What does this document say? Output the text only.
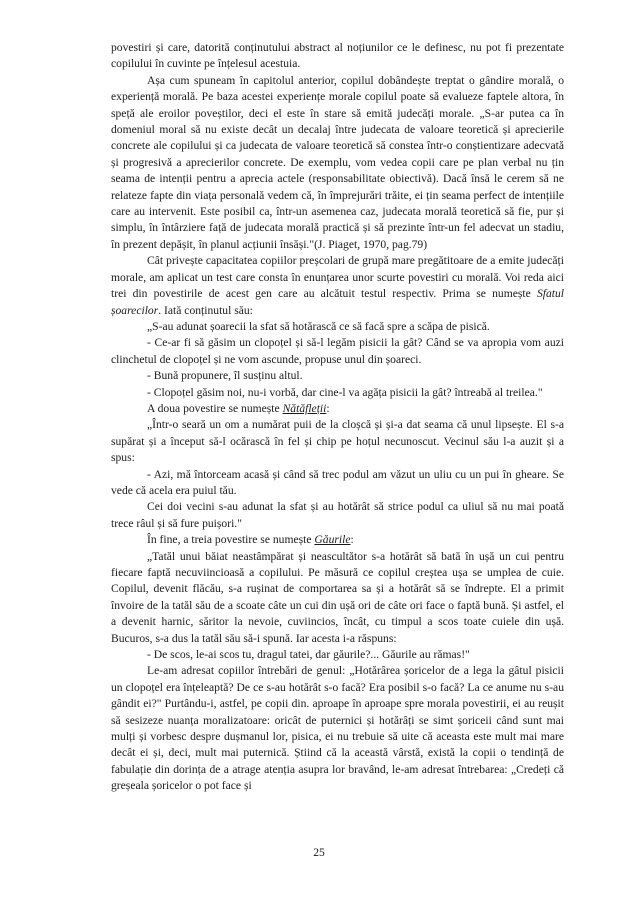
povestiri și care, datorită conținutului abstract al noțiunilor ce le definesc, nu pot fi prezentate copilului în cuvinte pe înțelesul acestuia.

Așa cum spuneam în capitolul anterior, copilul dobândește treptat o gândire morală, o experiență morală. Pe baza acestei experiențe morale copilul poate să evalueze faptele altora, în speță ale eroilor poveștilor, deci el este în stare să emită judecăți morale. „S-ar putea ca în domeniul moral să nu existe decât un decalaj între judecata de valoare teoretică și aprecierile concrete ale copilului și ca judecata de valoare teoretică să constea într-o conștientizare adecvată și progresivă a aprecierilor concrete. De exemplu, vom vedea copii care pe plan verbal nu țin seama de intenții pentru a aprecia actele (responsabilitate obiectivă). Dacă însă le cerem să ne relateze fapte din viața personală vedem că, în împrejurări trăite, ei țin seama perfect de intențiile care au intervenit. Este posibil ca, într-un asemenea caz, judecata morală teoretică să fie, pur și simplu, în întârziere față de judecata morală practică și să prezinte într-un fel adecvat un stadiu, în prezent depășit, în planul acțiunii însăși."(J. Piaget, 1970, pag.79)

Cât privește capacitatea copiilor preșcolari de grupă mare pregătitoare de a emite judecăți morale, am aplicat un test care consta în enunțarea unor scurte povestiri cu morală. Voi reda aici trei din povestirile de acest gen care au alcătuit testul respectiv. Prima se numește Sfatul șoarecilor. Iată conținutul său:

„S-au adunat șoarecii la sfat să hotărască ce să facă spre a scăpa de pisică.

- Ce-ar fi să găsim un clopoțel și să-l legăm pisicii la gât? Când se va apropia vom auzi clinchetul de clopoțel și ne vom ascunde, propuse unul din șoareci.

- Bună propunere, îl susținu altul.

- Clopoțel găsim noi, nu-i vorbă, dar cine-l va agăța pisicii la gât? întreabă al treilea."

A doua povestire se numește Nătăfleții:

„Într-o seară un om a numărat puii de la cloșcă și și-a dat seama că unul lipsește. El s-a supărat și a început să-l ocărască în fel și chip pe hoțul necunoscut. Vecinul său l-a auzit și a spus:

- Azi, mă întorceam acasă și când să trec podul am văzut un uliu cu un pui în gheare. Se vede că acela era puiul tău.

Cei doi vecini s-au adunat la sfat și au hotărât să strice podul ca uliul să nu mai poată trece râul și să fure puișori."

În fine, a treia povestire se numește Găurile:

„Tatăl unui băiat neastâmpărat și neascultător s-a hotărât să bată în ușă un cui pentru fiecare faptă necuviincioasă a copilului. Pe măsură ce copilul creștea ușa se umplea de cuie. Copilul, devenit flăcău, s-a rușinat de comportarea sa și a hotărât să se îndrepte. El a primit învoire de la tatăl său de a scoate câte un cui din ușă ori de câte ori face o faptă bună. Și astfel, el a devenit harnic, săritor la nevoie, cuviincios, încât, cu timpul a scos toate cuiele din ușă. Bucuros, s-a dus la tatăl său să-i spună. Iar acesta i-a răspuns:

- De scos, le-ai scos tu, dragul tatei, dar găurile?... Găurile au rămas!"

Le-am adresat copiilor întrebări de genul: „Hotărârea șoricelor de a lega la gâtul pisicii un clopoțel era înțeleaptă? De ce s-au hotărât s-o facă? Era posibil s-o facă? La ce anume nu s-au gândit ei?" Purtându-i, astfel, pe copii din. aproape în aproape spre morala povestirii, ei au reușit să sesizeze nuanța moralizatoare: oricât de puternici și hotărâți se simt șoriceii când sunt mai mulți și vorbesc despre dușmanul lor, pisica, ei nu trebuie să uite că aceasta este mult mai mare decât ei și, deci, mult mai puternică. Știind că la această vârstă, există la copii o tendință de fabulație din dorința de a atrage atenția asupra lor bravând, le-am adresat întrebarea: „Credeți că greșeala șoricelor o pot face și

25
